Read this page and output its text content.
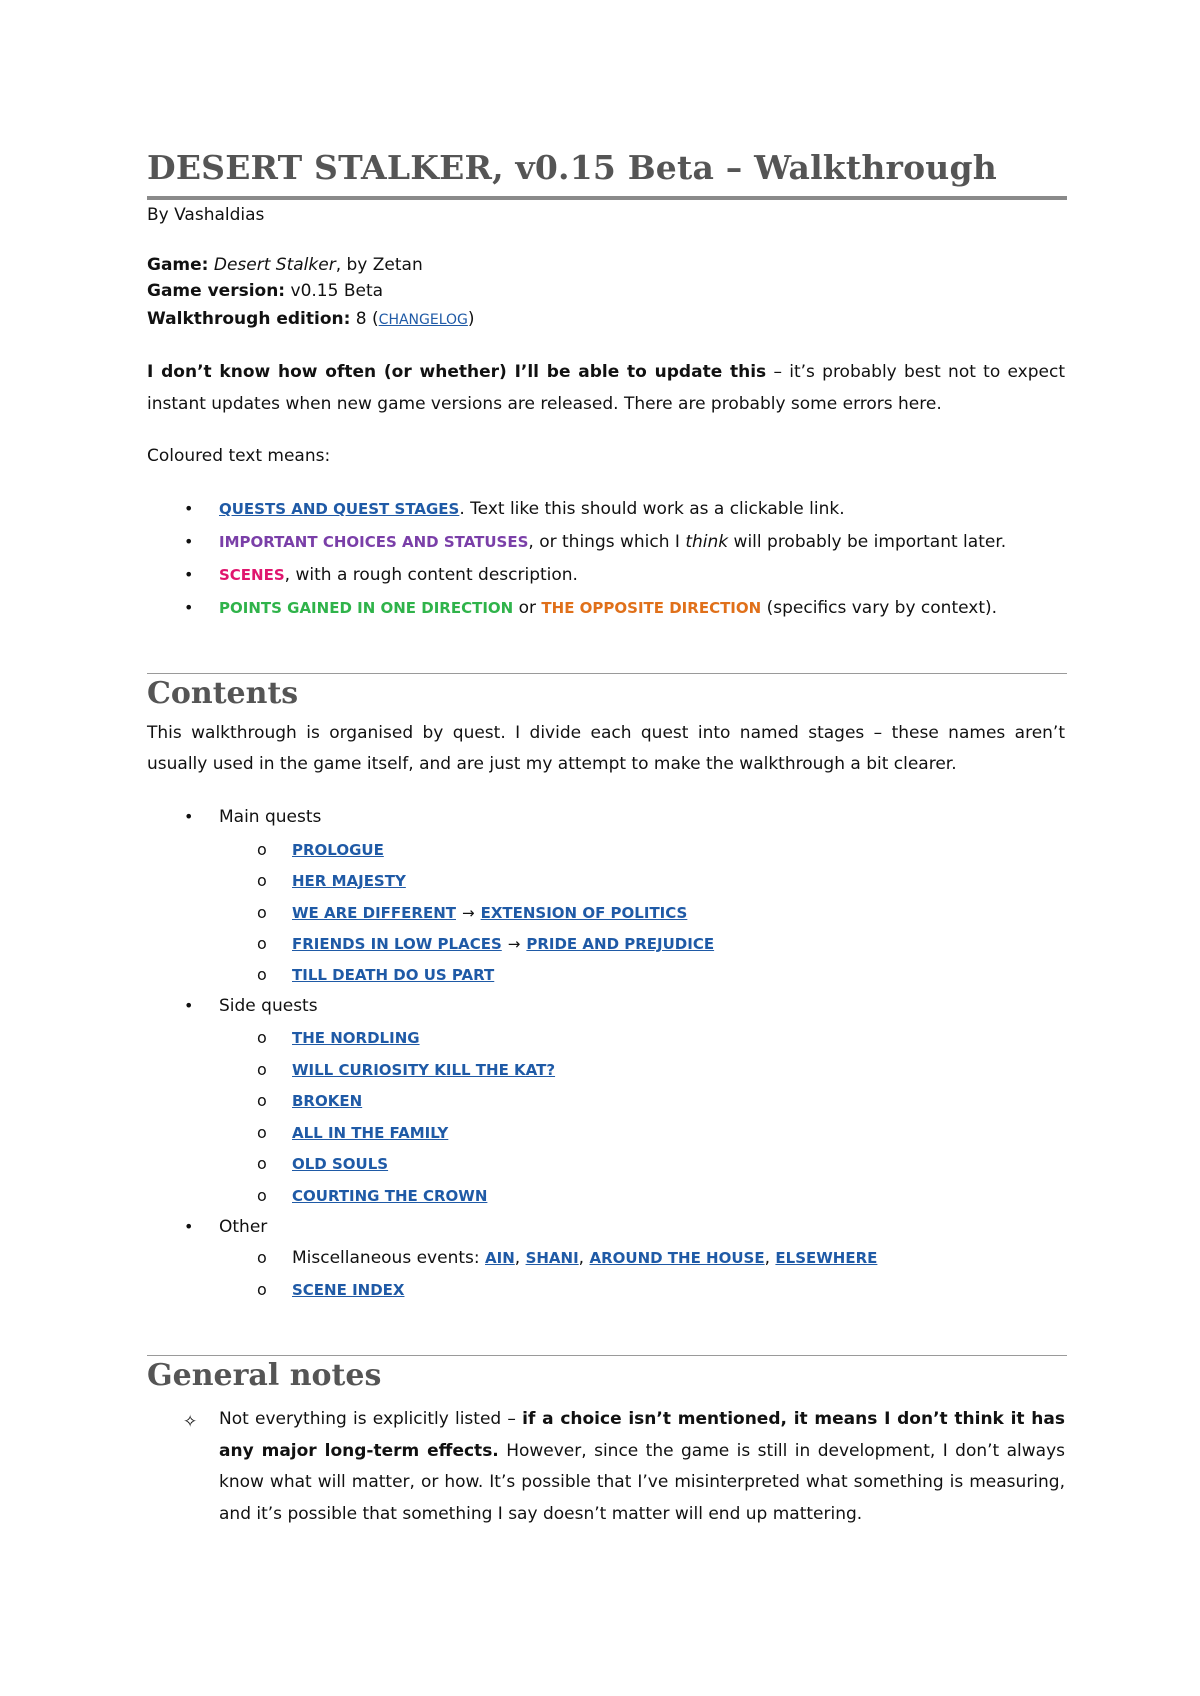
DESERT STALKER, v0.15 Beta – Walkthrough
By Vashaldias
Game: Desert Stalker, by Zetan
Game version: v0.15 Beta
Walkthrough edition: 8 (CHANGELOG)
I don’t know how often (or whether) I’ll be able to update this – it’s probably best not to expect instant updates when new game versions are released. There are probably some errors here.
Coloured text means:
• QUESTS AND QUEST STAGES. Text like this should work as a clickable link.
• IMPORTANT CHOICES AND STATUSES, or things which I think will probably be important later.
• SCENES, with a rough content description.
• POINTS GAINED IN ONE DIRECTION or THE OPPOSITE DIRECTION (specifics vary by context).
Contents
This walkthrough is organised by quest. I divide each quest into named stages – these names aren’t usually used in the game itself, and are just my attempt to make the walkthrough a bit clearer.
• Main quests
o PROLOGUE
o HER MAJESTY
o WE ARE DIFFERENT → EXTENSION OF POLITICS
o FRIENDS IN LOW PLACES → PRIDE AND PREJUDICE
o TILL DEATH DO US PART
• Side quests
o THE NORDLING
o WILL CURIOSITY KILL THE KAT?
o BROKEN
o ALL IN THE FAMILY
o OLD SOULS
o COURTING THE CROWN
• Other
o Miscellaneous events: AIN, SHANI, AROUND THE HOUSE, ELSEWHERE
o SCENE INDEX
General notes
✧ Not everything is explicitly listed – if a choice isn’t mentioned, it means I don’t think it has any major long-term effects. However, since the game is still in development, I don’t always know what will matter, or how. It’s possible that I’ve misinterpreted what something is measuring, and it’s possible that something I say doesn’t matter will end up mattering.
